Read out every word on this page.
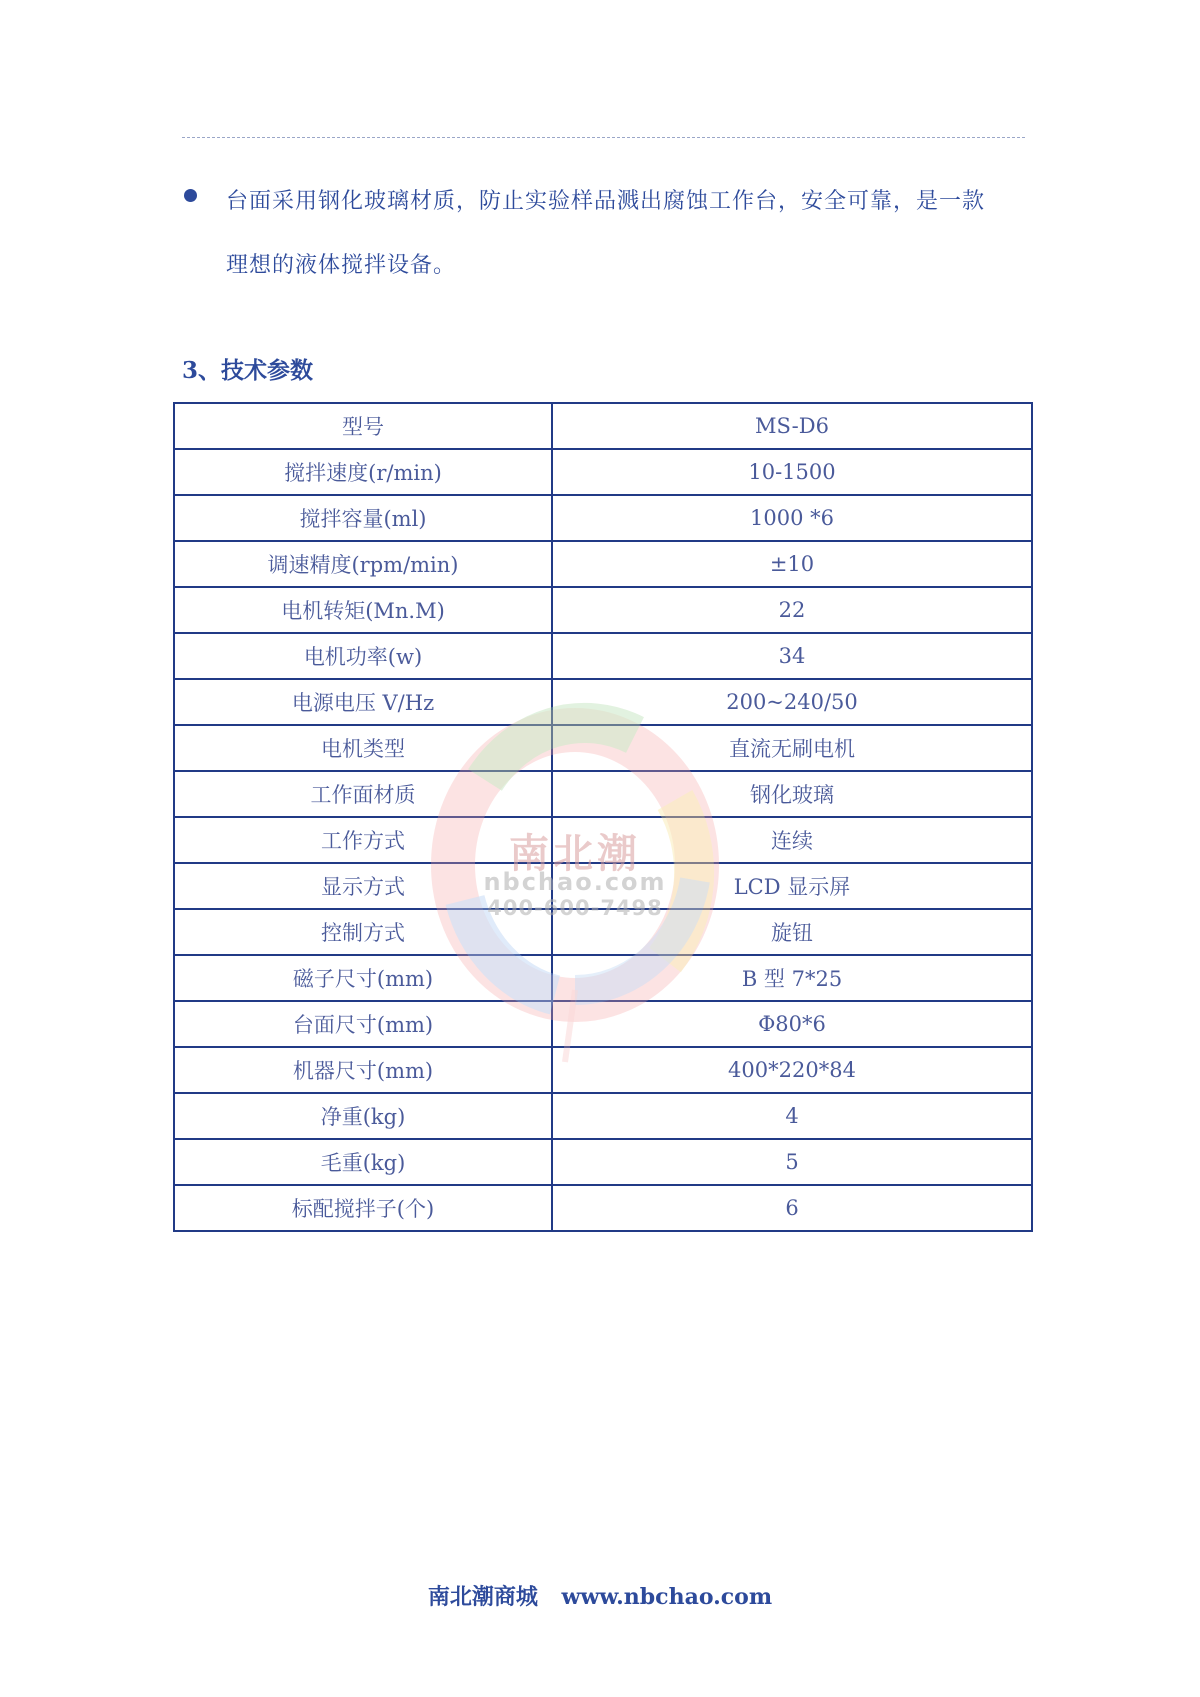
台面采用钢化玻璃材质，防止实验样品溅出腐蚀工作台，安全可靠，是一款
理想的液体搅拌设备。
3、技术参数
型号	MS-D6
搅拌速度(r/min)	10-1500
搅拌容量(ml)	1000 *6
调速精度(rpm/min)	±10
电机转矩(Mn.M)	22
电机功率(w)	34
电源电压 V/Hz	200~240/50
电机类型	直流无刷电机
工作面材质	钢化玻璃
工作方式	连续
显示方式	LCD 显示屏
控制方式	旋钮
磁子尺寸(mm)	B 型 7*25
台面尺寸(mm)	Φ80*6
机器尺寸(mm)	400*220*84
净重(kg)	4
毛重(kg)	5
标配搅拌子(个)	6
南北潮
nbchao.com
400-600-7498
南北潮商城 www.nbchao.com
